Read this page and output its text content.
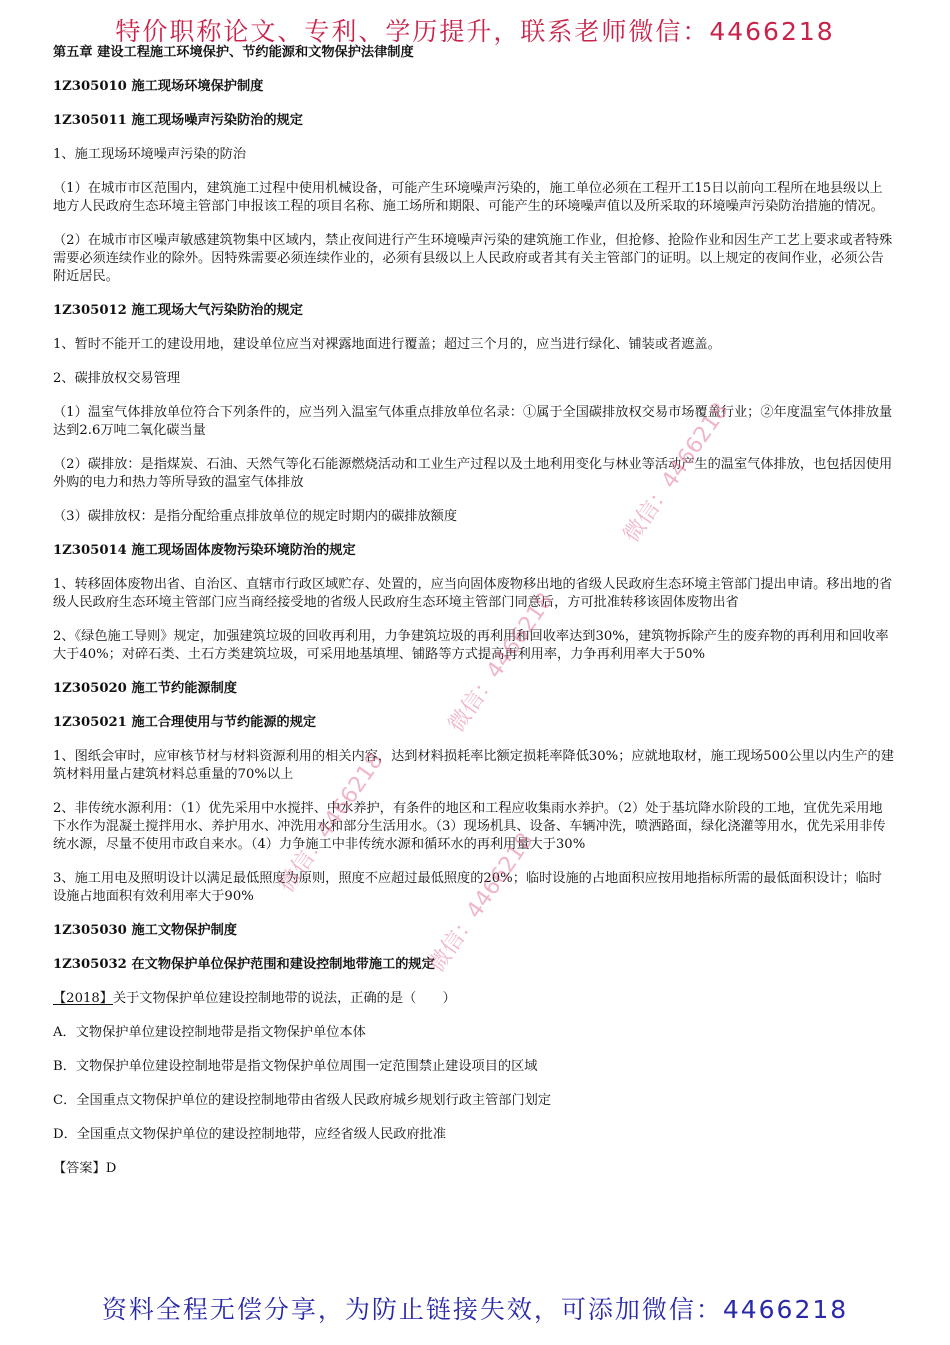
特价职称论文、专利、学历提升，联系老师微信：4466218
第五章 建设工程施工环境保护、节约能源和文物保护法律制度
1Z305010 施工现场环境保护制度
1Z305011 施工现场噪声污染防治的规定

1、施工现场环境噪声污染的防治

（1）在城市市区范围内，建筑施工过程中使用机械设备，可能产生环境噪声污染的，施工单位必须在工程开工15日以前向工程所在地县级以上地方人民政府生态环境主管部门申报该工程的项目名称、施工场所和期限、可能产生的环境噪声值以及所采取的环境噪声污染防治措施的情况。

（2）在城市市区噪声敏感建筑物集中区域内，禁止夜间进行产生环境噪声污染的建筑施工作业，但抢修、抢险作业和因生产工艺上要求或者特殊需要必须连续作业的除外。因特殊需要必须连续作业的，必须有县级以上人民政府或者其有关主管部门的证明。以上规定的夜间作业，必须公告附近居民。

1Z305012 施工现场大气污染防治的规定

1、暂时不能开工的建设用地，建设单位应当对裸露地面进行覆盖；超过三个月的，应当进行绿化、铺装或者遮盖。

2、碳排放权交易管理

（1）温室气体排放单位符合下列条件的，应当列入温室气体重点排放单位名录：①属于全国碳排放权交易市场覆盖行业；②年度温室气体排放量达到2.6万吨二氧化碳当量

（2）碳排放：是指煤炭、石油、天然气等化石能源燃烧活动和工业生产过程以及土地利用变化与林业等活动产生的温室气体排放，也包括因使用外购的电力和热力等所导致的温室气体排放

（3）碳排放权：是指分配给重点排放单位的规定时期内的碳排放额度

1Z305014 施工现场固体废物污染环境防治的规定

1、转移固体废物出省、自治区、直辖市行政区域贮存、处置的，应当向固体废物移出地的省级人民政府生态环境主管部门提出申请。移出地的省级人民政府生态环境主管部门应当商经接受地的省级人民政府生态环境主管部门同意后，方可批准转移该固体废物出省

2、《绿色施工导则》规定，加强建筑垃圾的回收再利用，力争建筑垃圾的再利用和回收率达到30%，建筑物拆除产生的废弃物的再利用和回收率大于40%；对碎石类、土石方类建筑垃圾，可采用地基填埋、铺路等方式提高再利用率，力争再利用率大于50%

1Z305020 施工节约能源制度
1Z305021 施工合理使用与节约能源的规定

1、图纸会审时，应审核节材与材料资源利用的相关内容，达到材料损耗率比额定损耗率降低30%；应就地取材，施工现场500公里以内生产的建筑材料用量占建筑材料总重量的70%以上

2、非传统水源利用：（1）优先采用中水搅拌、中水养护，有条件的地区和工程应收集雨水养护。（2）处于基坑降水阶段的工地，宜优先采用地下水作为混凝土搅拌用水、养护用水、冲洗用水和部分生活用水。（3）现场机具、设备、车辆冲洗，喷洒路面，绿化浇灌等用水，优先采用非传统水源，尽量不使用市政自来水。（4）力争施工中非传统水源和循环水的再利用量大于30%

3、施工用电及照明设计以满足最低照度为原则，照度不应超过最低照度的20%；临时设施的占地面积应按用地指标所需的最低面积设计；临时设施占地面积有效利用率大于90%

1Z305030 施工文物保护制度
1Z305032 在文物保护单位保护范围和建设控制地带施工的规定

【2018】关于文物保护单位建设控制地带的说法，正确的是（　　）

A．文物保护单位建设控制地带是指文物保护单位本体

B．文物保护单位建设控制地带是指文物保护单位周围一定范围禁止建设项目的区域

C．全国重点文物保护单位的建设控制地带由省级人民政府城乡规划行政主管部门划定

D．全国重点文物保护单位的建设控制地带，应经省级人民政府批准

【答案】D

微信：4466218
微信：4466218
微信：4466218
微信：4466218
资料全程无偿分享，为防止链接失效，可添加微信：4466218
